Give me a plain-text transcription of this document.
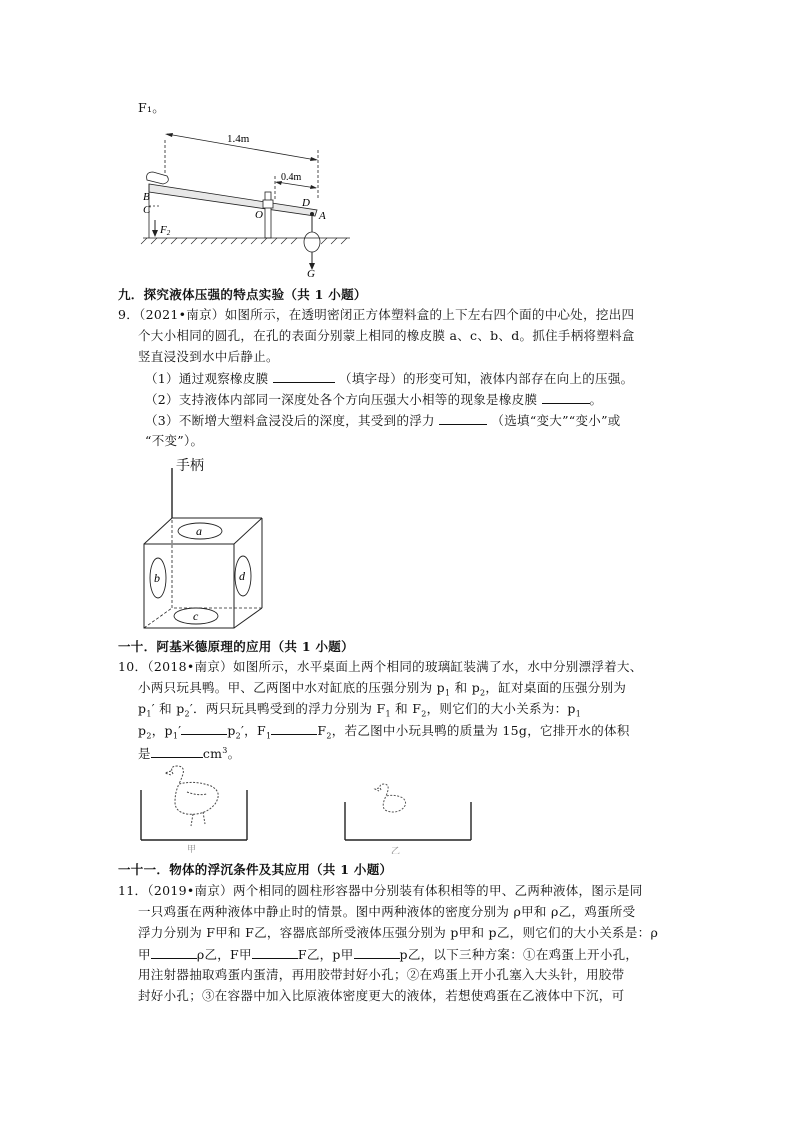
F₁。
1.4m
0.4m
B
C	O
D
A
F2
G
九．探究液体压强的特点实验（共 1 小题）
9．（2021•南京）如图所示，在透明密闭正方体塑料盒的上下左右四个面的中心处，挖出四
个大小相同的圆孔，在孔的表面分别蒙上相同的橡皮膜 a、c、b、d。抓住手柄将塑料盒
竖直浸没到水中后静止。
（1）通过观察橡皮膜	（填字母）的形变可知，液体内部存在向上的压强。
（2）支持液体内部同一深度处各个方向压强大小相等的现象是橡皮膜	。
（3）不断增大塑料盒浸没后的深度，其受到的浮力	（选填“变大”“变小”或
“不变”）。
手柄
a
b	d
c
一十．阿基米德原理的应用（共 1 小题）
10．（2018•南京）如图所示，水平桌面上两个相同的玻璃缸装满了水，水中分别漂浮着大、
小两只玩具鸭。甲、乙两图中水对缸底的压强分别为 $p_1$ 和 $p_2$，缸对桌面的压强分别为
$p_1'$ 和 $p_2'$．两只玩具鸭受到的浮力分别为 $F_1$ 和 $F_2$，则它们的大小关系为：$p_1$
$p_2$，$p_1'$	$p_2'$，$F_1$	$F_2$，若乙图中小玩具鸭的质量为 15g，它排开水的体积
是	$cm^3$。
甲	乙
一十一．物体的浮沉条件及其应用（共 1 小题）
11．（2019•南京）两个相同的圆柱形容器中分别装有体积相等的甲、乙两种液体，图示是同
一只鸡蛋在两种液体中静止时的情景。图中两种液体的密度分别为 ρ甲和 ρ乙，鸡蛋所受
浮力分别为 F甲和 F乙，容器底部所受液体压强分别为 p甲和 p乙，则它们的大小关系是：ρ
甲	ρ乙，F甲	F乙，p甲	p乙，以下三种方案：①在鸡蛋上开小孔，
用注射器抽取鸡蛋内蛋清，再用胶带封好小孔；②在鸡蛋上开小孔塞入大头针，用胶带
封好小孔；③在容器中加入比原液体密度更大的液体，若想使鸡蛋在乙液体中下沉，可
